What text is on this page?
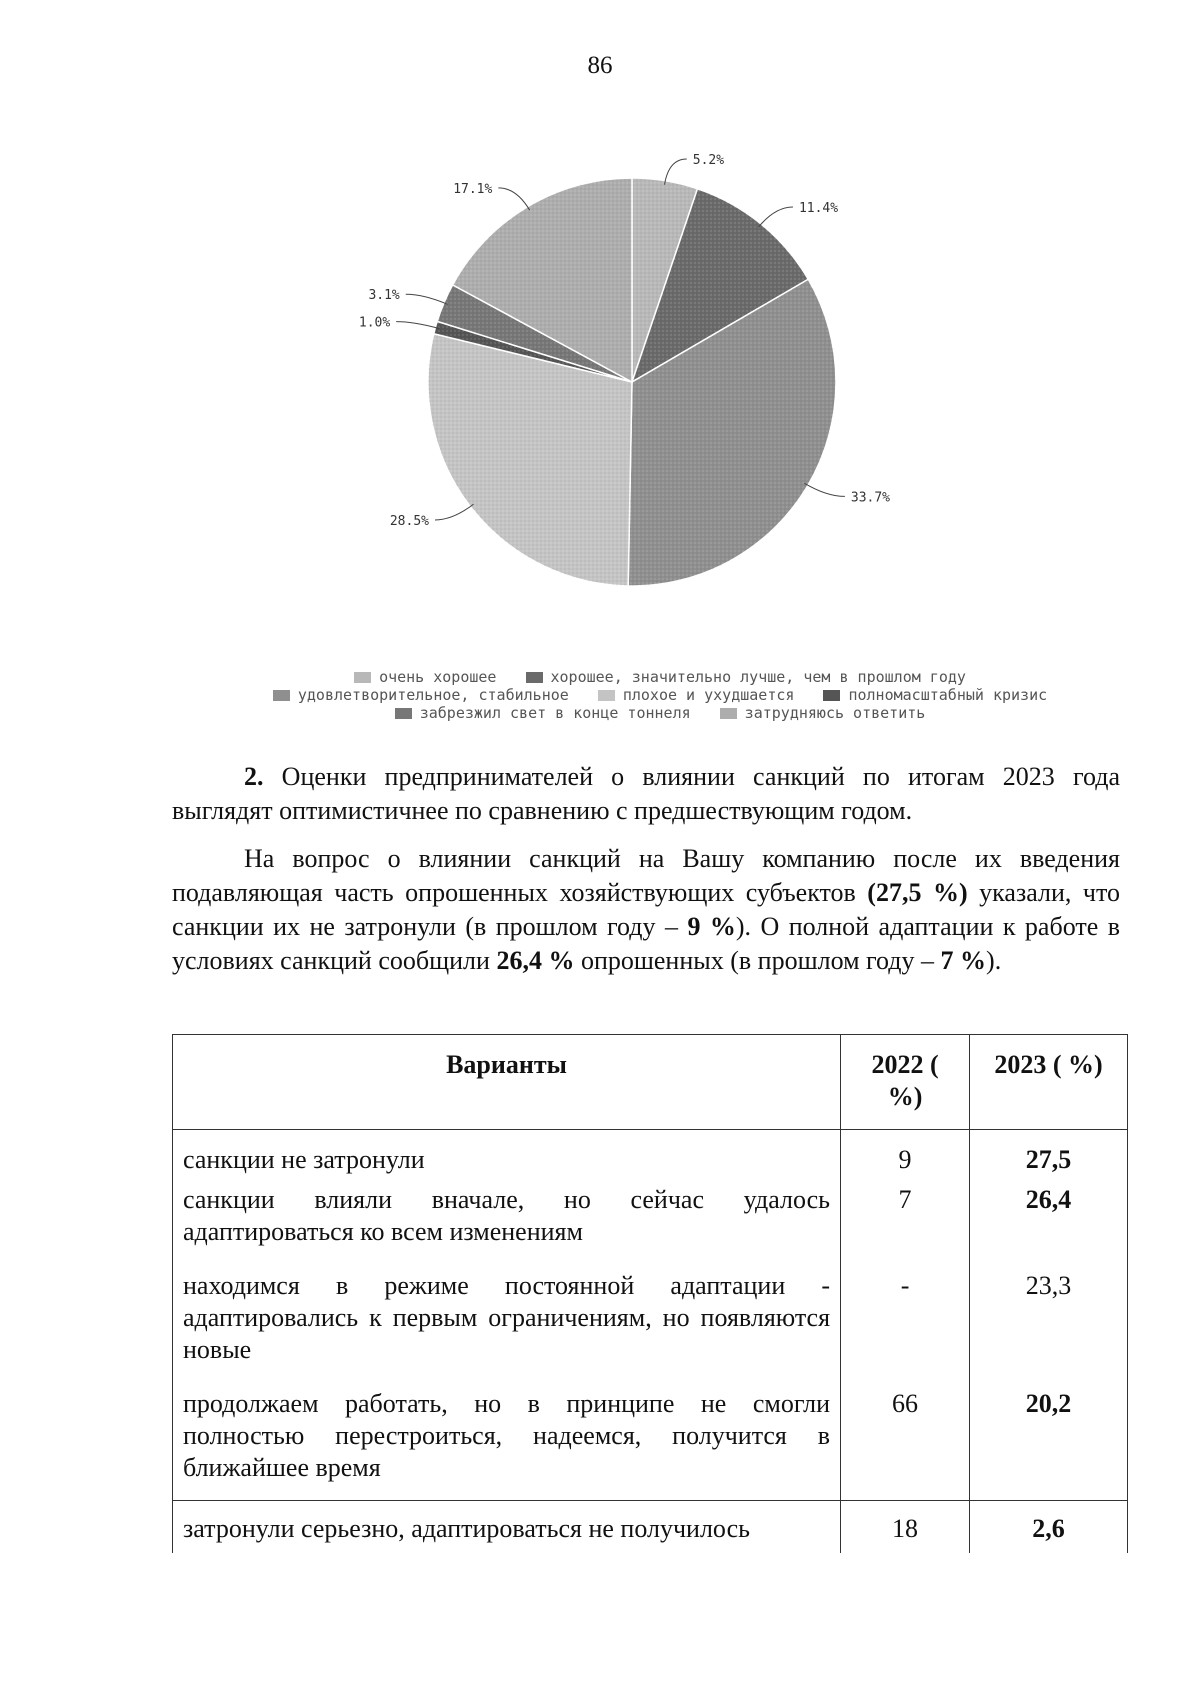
86
5.2%
11.4%
33.7%
28.5%
1.0%
3.1%
17.1%
очень хорошее	хорошее, значительно лучше, чем в прошлом году
удовлетворительное, стабильное	плохое и ухудшается	полномасштабный кризис
забрезжил свет в конце тоннеля	затрудняюсь ответить

2. Оценки предпринимателей о влиянии санкций по итогам 2023 года выглядят оптимистичнее по сравнению с предшествующим годом.

На вопрос о влиянии санкций на Вашу компанию после их введения подавляющая часть опрошенных хозяйствующих субъектов (27,5 %) указали, что санкции их не затронули (в прошлом году – 9 %). О полной адаптации к работе в условиях санкций сообщили 26,4 % опрошенных (в прошлом году – 7 %).

Варианты	2022 ( %)	2023 ( %)
санкции не затронули	9	27,5
санкции влияли вначале, но сейчас удалось адаптироваться ко всем изменениям	7	26,4
находимся в режиме постоянной адаптации - адаптировались к первым ограничениям, но появляются новые	-	23,3
продолжаем работать, но в принципе не смогли полностью перестроиться, надеемся, получится в ближайшее время	66	20,2
затронули серьезно, адаптироваться не получилось	18	2,6
